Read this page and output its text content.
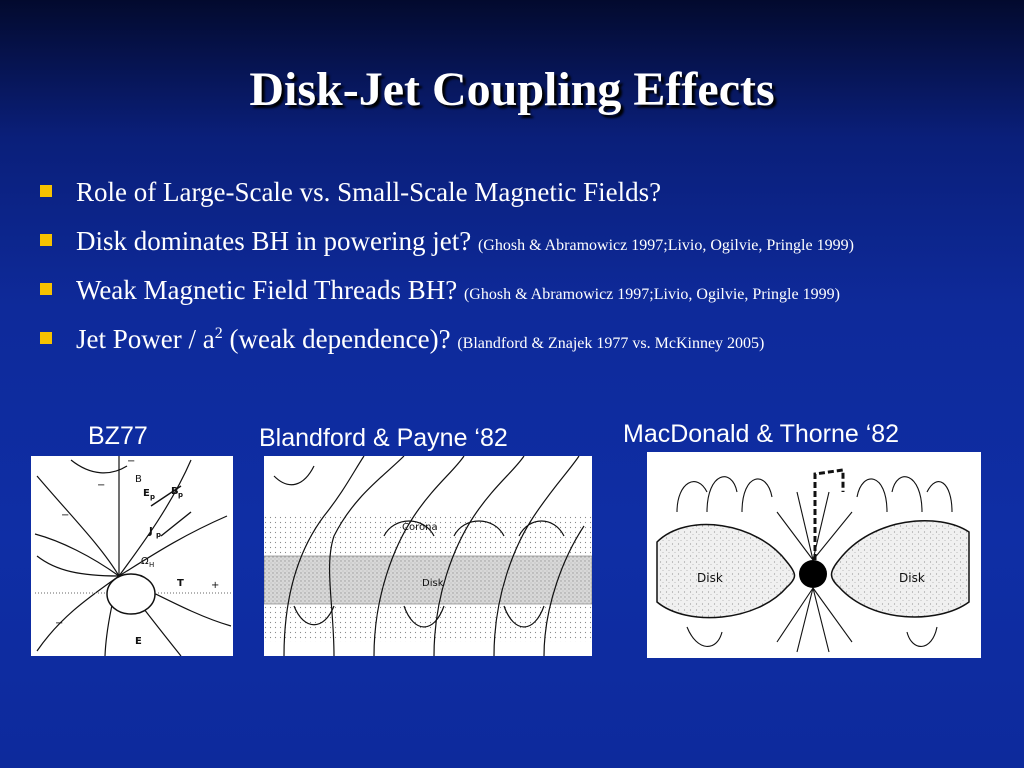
Disk-Jet Coupling Effects
Role of Large-Scale vs. Small-Scale Magnetic Fields?
Disk dominates BH in powering jet? (Ghosh & Abramowicz 1997;Livio, Ogilvie, Pringle 1999)
Weak Magnetic Field Threads BH? (Ghosh & Abramowicz 1997;Livio, Ogilvie, Pringle 1999)
Jet Power / $a^2$ (weak dependence)? (Blandford & Znajek 1977 vs. McKinney 2005)
BZ77	Blandford & Payne ‘82	MacDonald & Thorne ‘82
B
E p B p
J p
Ω H
T
E
+
−
−
−
−
Corona
Disk	Disk	Disk
